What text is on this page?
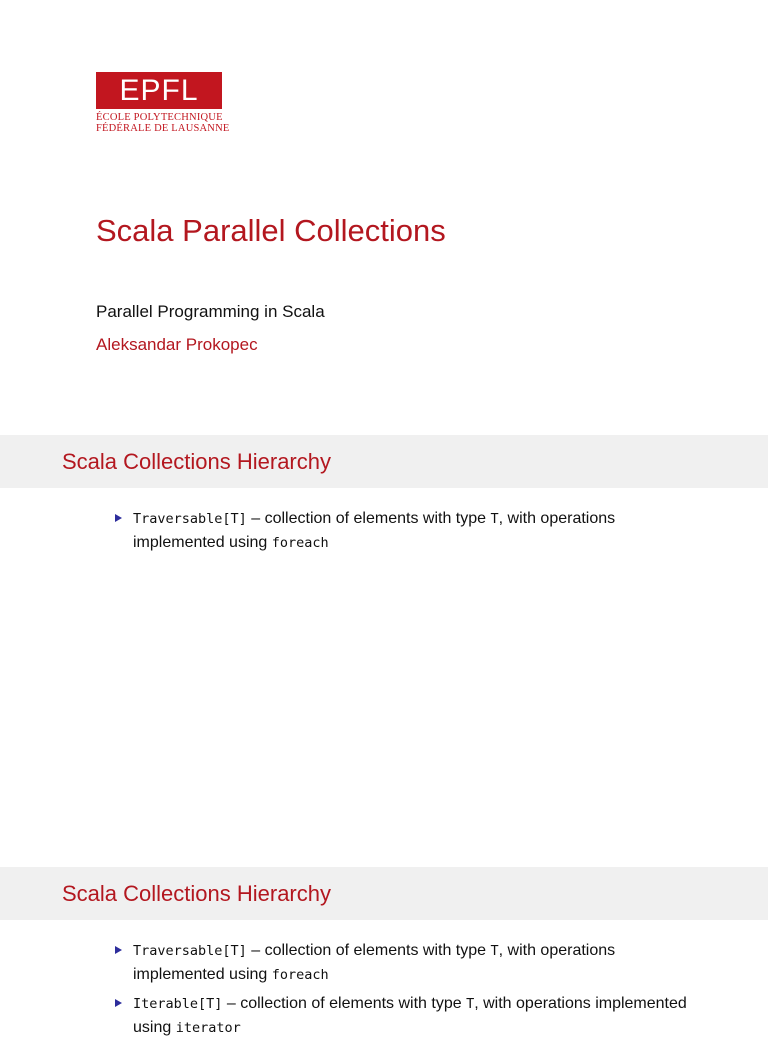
EPFL
ÉCOLE POLYTECHNIQUE
FÉDÉRALE DE LAUSANNE
Scala Parallel Collections
Parallel Programming in Scala
Aleksandar Prokopec
Scala Collections Hierarchy
Traversable[T] – collection of elements with type T, with operations implemented using foreach
Scala Collections Hierarchy
Traversable[T] – collection of elements with type T, with operations implemented using foreach
Iterable[T] – collection of elements with type T, with operations implemented using iterator
